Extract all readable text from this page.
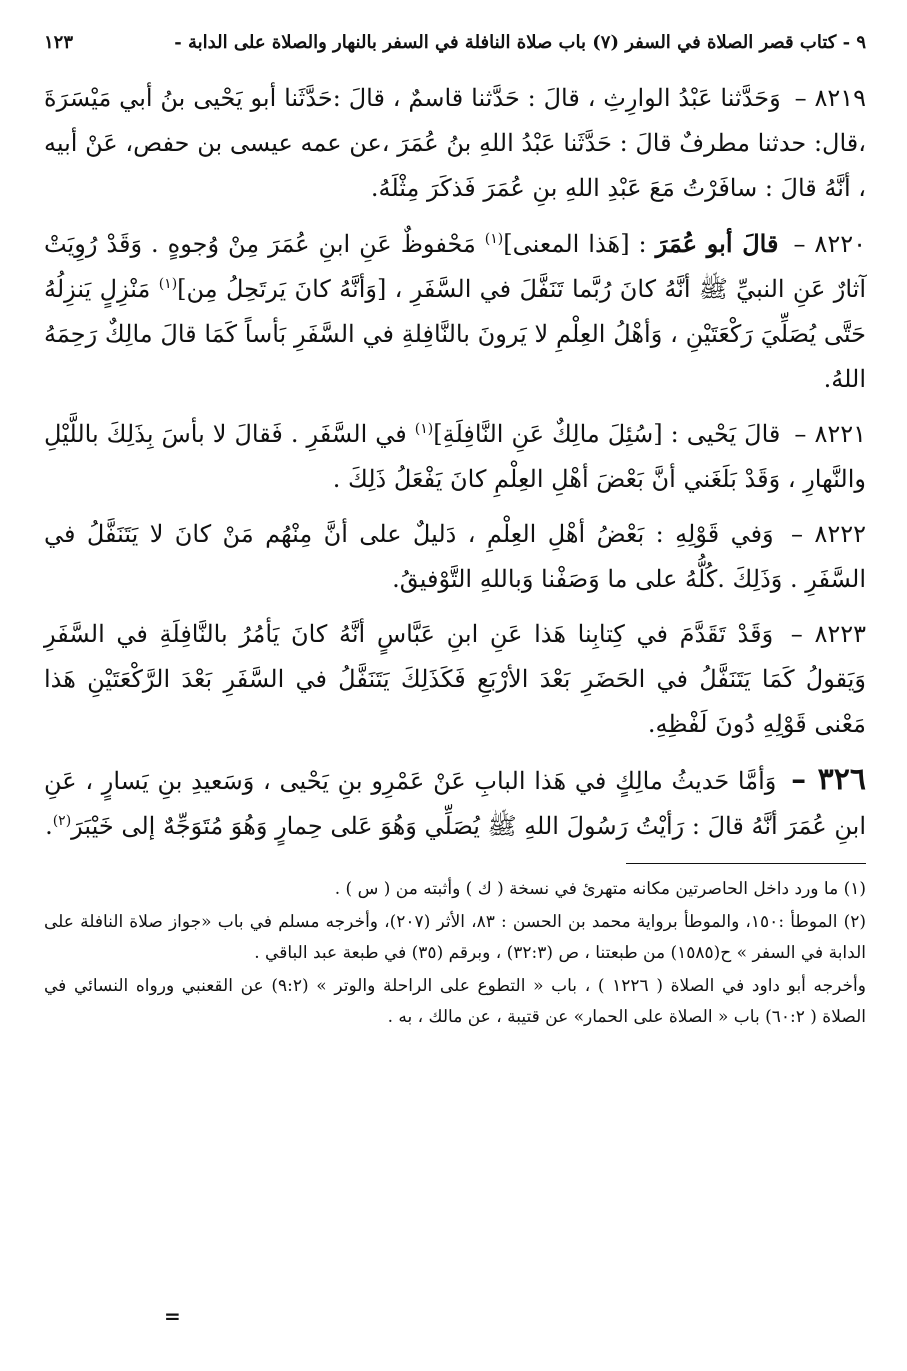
٩ - كتاب قصر الصلاة في السفر (٧) باب صلاة النافلة في السفر بالنهار والصلاة على الدابة -
١٢٣

٨٢١٩ – وَحَدَّثنا عَبْدُ الوارِثِ ، قالَ : حَدَّثنا قاسمٌ ، قالَ :حَدَّثَنا أبو يَحْيى بنُ أبي مَيْسَرَةَ ،قال: حدثنا مطرفٌ قالَ : حَدَّثَنا عَبْدُ اللهِ بنُ عُمَرَ ،عن عمه عيسى بن حفص، عَنْ أبيه ، أنَّهُ قالَ : سافَرْتُ مَعَ عَبْدِ اللهِ بنِ عُمَرَ فَذكَرَ مِثْلَهُ.

٨٢٢٠ – قالَ أبو عُمَرَ : [هَذا المعنى]$^{(١)}$ مَحْفوظٌ عَنِ ابنِ عُمَرَ مِنْ وُجوهٍ . وَقَدْ رُوِيَتْ آثارٌ عَنِ النبيِّ ﷺ أنَّهُ كانَ رُبَّما تَنَفَّلَ في السَّفَرِ ، [وَأنَّهُ كانَ يَرتَحِلُ مِن]$^{(١)}$ مَنْزِلٍ يَنزِلُهُ حَتَّى يُصَلِّيَ رَكْعَتَيْنِ ، وَأهْلُ العِلْمِ لا يَرونَ بالنَّافِلةِ في السَّفَرِ بَأساً كَمَا قالَ مالِكٌ رَحِمَهُ اللهُ.

٨٢٢١ – قالَ يَحْيى : [سُئِلَ مالِكٌ عَنِ النَّافِلَةِ]$^{(١)}$ في السَّفَرِ . فَقالَ لا بأسَ بِذَلِكَ باللَّيْلِ والنَّهارِ ، وَقَدْ بَلَغَني أنَّ بَعْضَ أهْلِ العِلْمِ كانَ يَفْعَلُ ذَلِكَ .

٨٢٢٢ – وَفي قَوْلِهِ : بَعْضُ أهْلِ العِلْمِ ، دَليلٌ على أنَّ مِنْهُم مَنْ كانَ لا يَتَنَفَّلُ في السَّفَرِ . وَذَلِكَ .كُلُّهُ على ما وَصَفْنا وَباللهِ التَّوْفيقُ.

٨٢٢٣ – وَقَدْ تَقَدَّمَ في كِتابِنا هَذا عَنِ ابنِ عَبَّاسٍ أنَّهُ كانَ يَأمُرُ بالنَّافِلَةِ في السَّفَرِ وَيَقولُ كَمَا يَتَنَفَّلُ في الحَضَرِ بَعْدَ الأرْبَعِ فَكَذَلِكَ يَتَنَفَّلُ في السَّفَرِ بَعْدَ الرَّكْعَتَيْنِ هَذا مَعْنى قَوْلِهِ دُونَ لَفْظِهِ.

٣٢٦ – وَأمَّا حَديثُ مالِكٍ في هَذا البابِ عَنْ عَمْرِو بنِ يَحْيى ، وَسَعيدِ بنِ يَسارٍ ، عَنِ ابنِ عُمَرَ أنَّهُ قالَ : رَأيْتُ رَسُولَ اللهِ ﷺ يُصَلِّي وَهُوَ عَلى حِمارٍ وَهُوَ مُتَوَجِّهٌ إلى خَيْبَرَ$^{(٢)}$.

(١) ما ورد داخل الحاصرتين مكانه متهرئ في نسخة ( ك ) وأثبته من ( س ) .

(٢) الموطأ :١٥٠، والموطأ برواية محمد بن الحسن : ٨٣، الأثر (٢٠٧)، وأخرجه مسلم في باب «جواز صلاة النافلة على الدابة في السفر » ح(١٥٨٥) من طبعتنا ، ص (٣٢:٣) ، وبرقم (٣٥) في طبعة عبد الباقي .

وأخرجه أبو داود في الصلاة ( ١٢٢٦ ) ، باب « التطوع على الراحلة والوتر » (٩:٢) عن القعنبي ورواه النسائي في الصلاة ( ٦٠:٢) باب « الصلاة على الحمار» عن قتيبة ، عن مالك ، به .

=
